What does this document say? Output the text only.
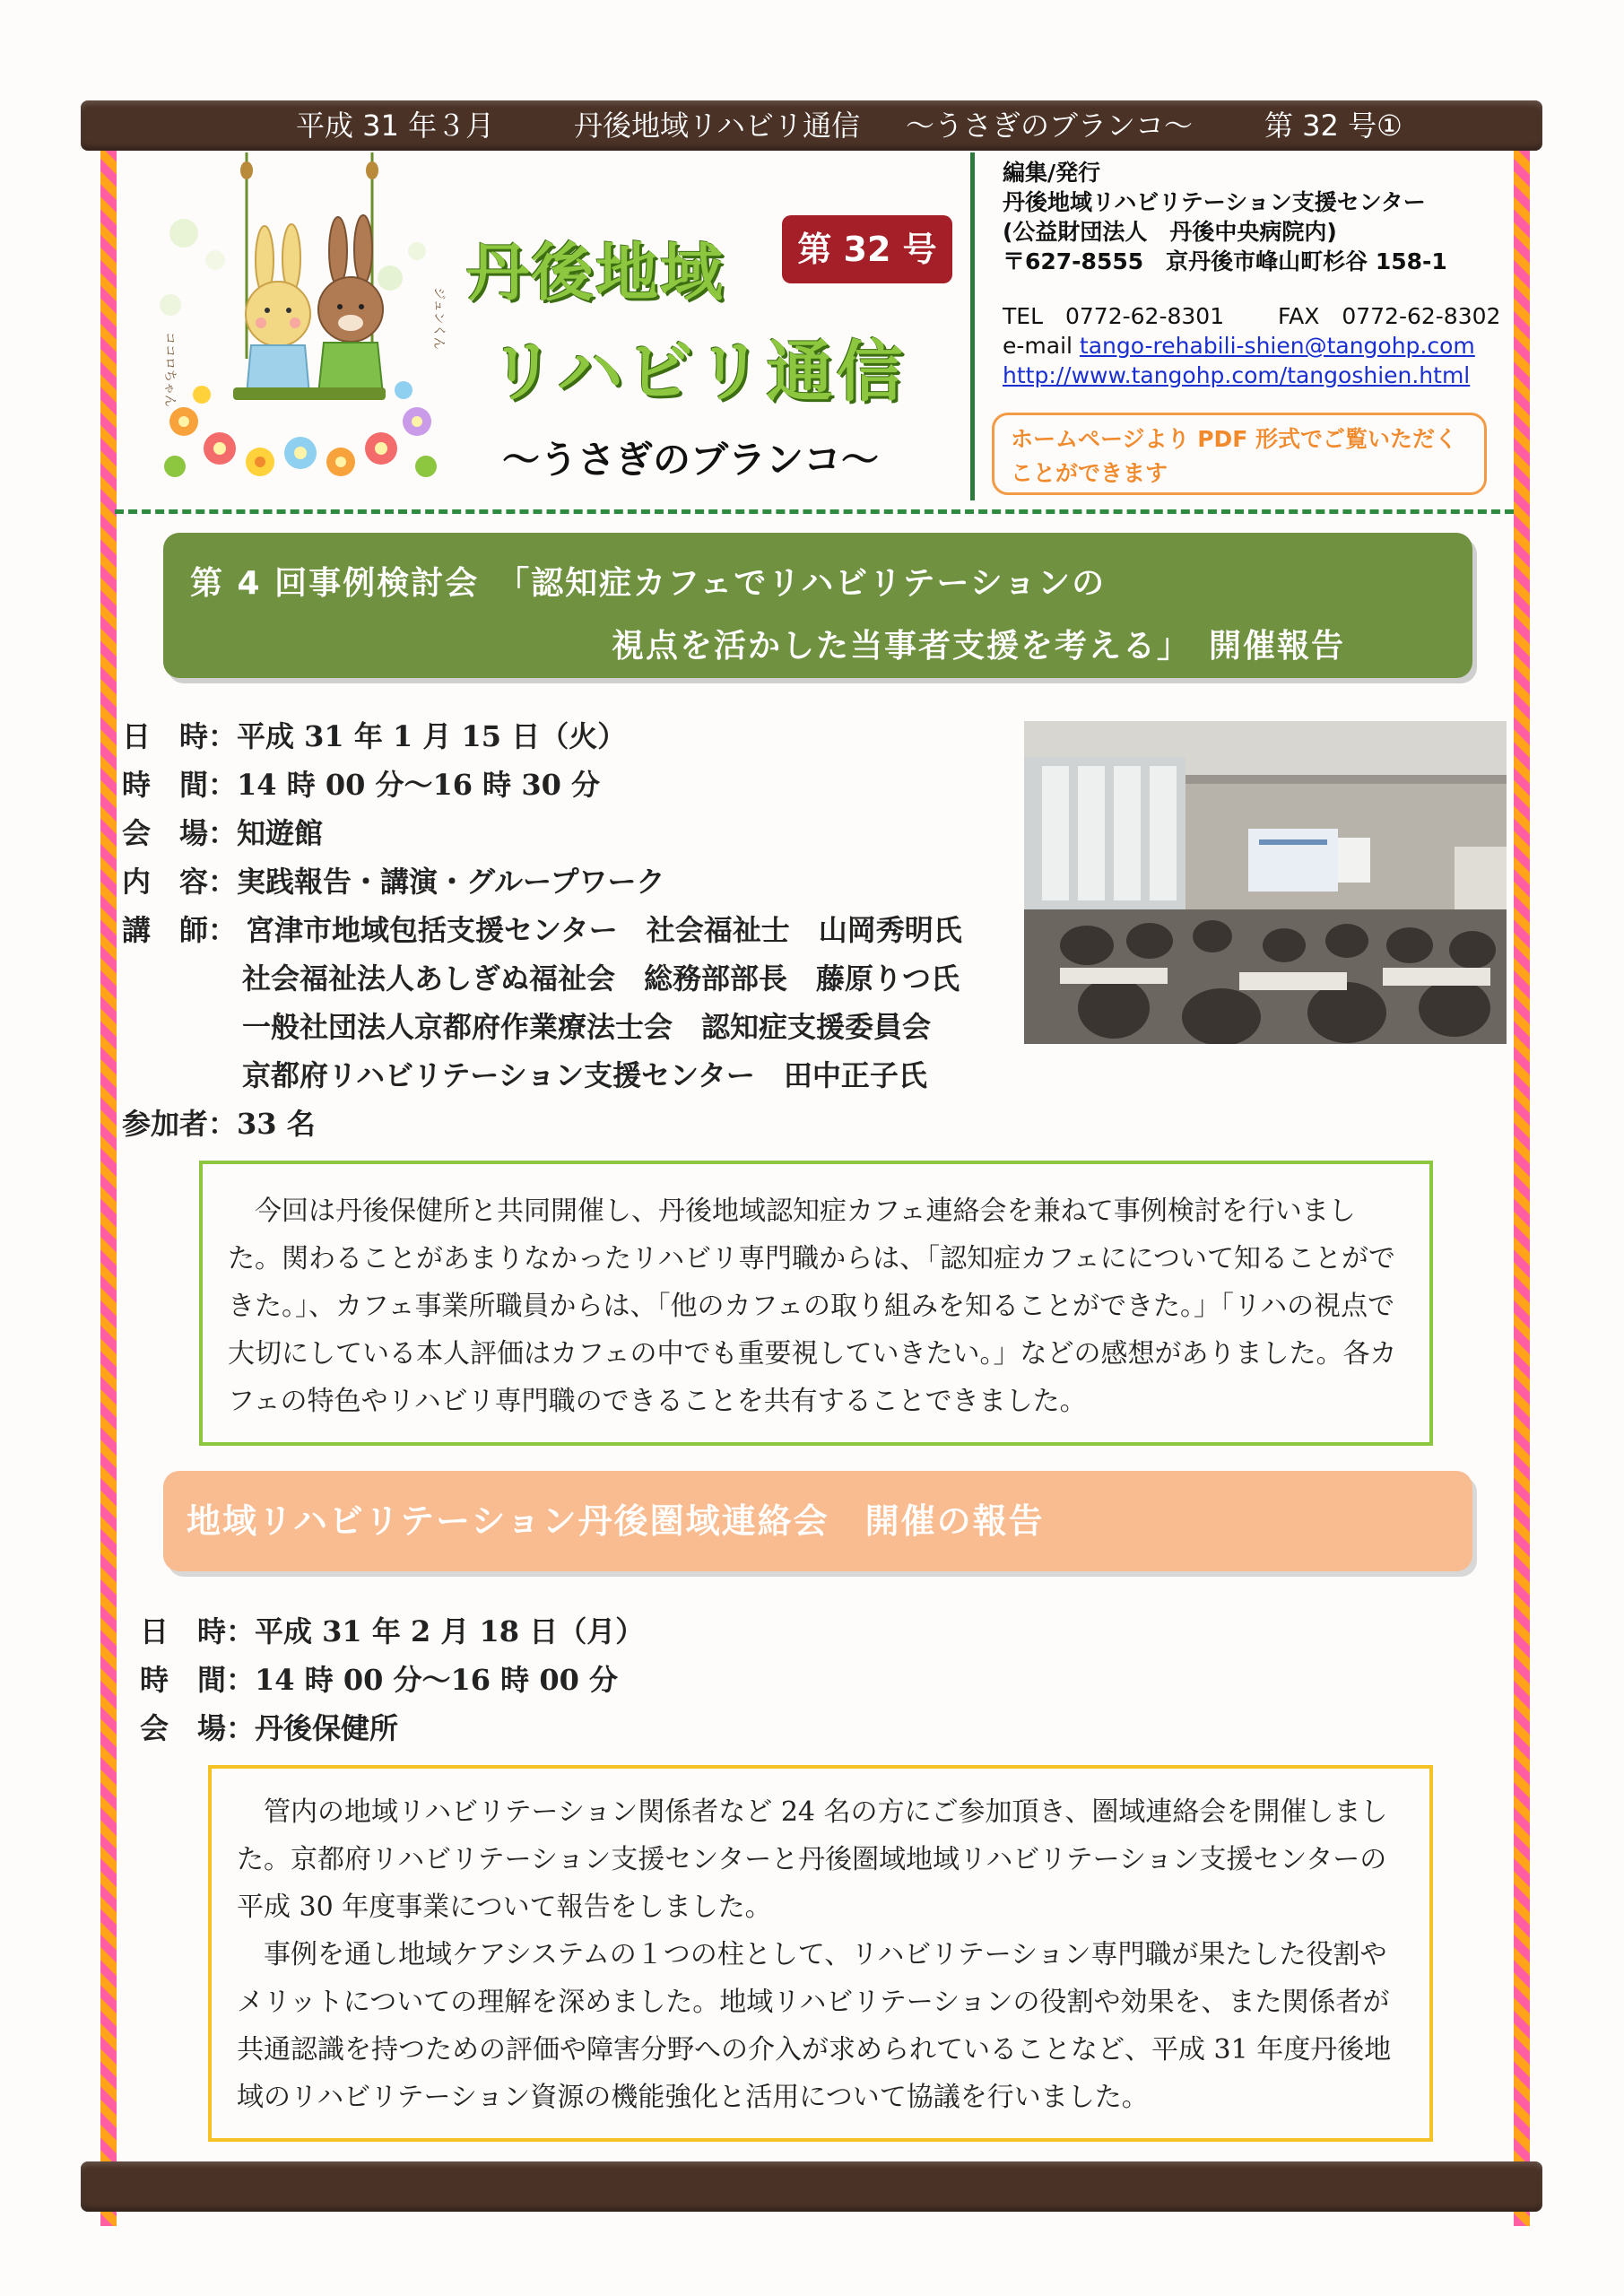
平成 31 年３月	丹後地域リハビリ通信 ～うさぎのブランコ～ 第 32 号①
ココロちゃん
ジュンくん
丹後地域	第 32 号
リハビリ通信
～うさぎのブランコ～
編集/発行
丹後地域リハビリテーション支援センター
(公益財団法人　丹後中央病院内)
〒627-8555　京丹後市峰山町杉谷 158-1
TEL　0772-62-8301 FAX　0772-62-8302
e-mail tango-rehabili-shien@tangohp.com
http://www.tangohp.com/tangoshien.html
ホームページより PDF 形式でご覧いただくことができます
第 4 回事例検討会　「認知症カフェでリハビリテーションの
視点を活かした当事者支援を考える」　開催報告
日　時：平成 31 年 1 月 15 日（火）
時　間：14 時 00 分～16 時 30 分
会　場：知遊館
内　容：実践報告・講演・グループワーク
講　師： 宮津市地域包括支援センター　社会福祉士　山岡秀明氏
社会福祉法人あしぎぬ福祉会　総務部部長　藤原りつ氏
一般社団法人京都府作業療法士会　認知症支援委員会
京都府リハビリテーション支援センター　田中正子氏
参加者：33 名

今回は丹後保健所と共同開催し、丹後地域認知症カフェ連絡会を兼ねて事例検討を行いました。関わることがあまりなかったリハビリ専門職からは、「認知症カフェにについて知ることができた。」、カフェ事業所職員からは、「他のカフェの取り組みを知ることができた。」「リハの視点で大切にしている本人評価はカフェの中でも重要視していきたい。」などの感想がありました。各カフェの特色やリハビリ専門職のできることを共有することできました。

地域リハビリテーション丹後圏域連絡会　開催の報告
日　時：平成 31 年 2 月 18 日（月）
時　間：14 時 00 分～16 時 00 分
会　場：丹後保健所

管内の地域リハビリテーション関係者など 24 名の方にご参加頂き、圏域連絡会を開催しました。京都府リハビリテーション支援センターと丹後圏域地域リハビリテーション支援センターの平成 30 年度事業について報告をしました。

事例を通し地域ケアシステムの１つの柱として、リハビリテーション専門職が果たした役割やメリットについての理解を深めました。地域リハビリテーションの役割や効果を、また関係者が共通認識を持つための評価や障害分野への介入が求められていることなど、平成 31 年度丹後地域のリハビリテーション資源の機能強化と活用について協議を行いました。
